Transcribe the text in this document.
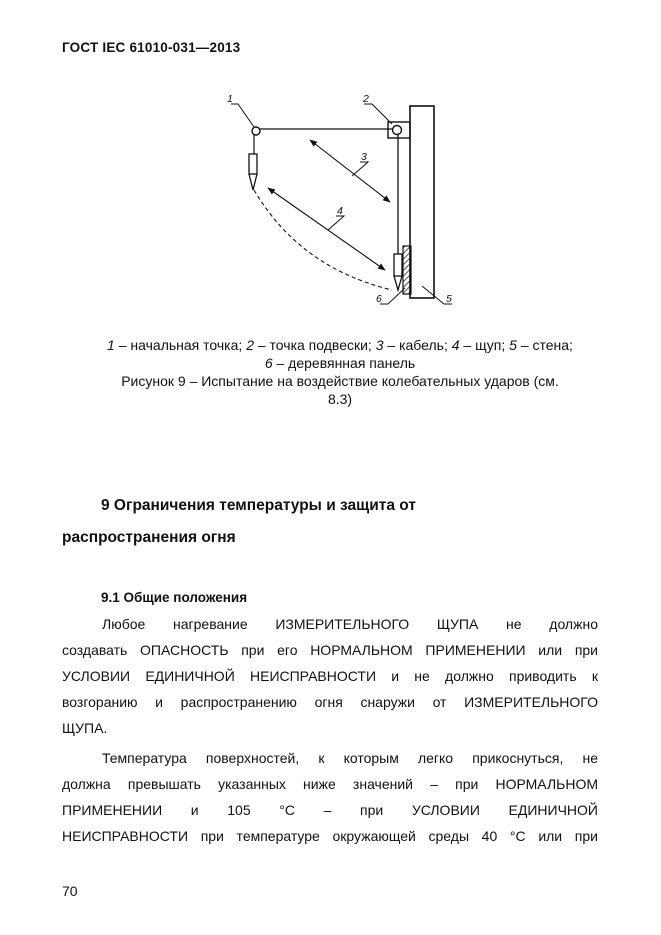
ГОСТ IEC 61010-031—2013
1	2
3
4
5
6
1 – начальная точка; 2 – точка подвески; 3 – кабель; 4 – щуп; 5 – стена;
6 – деревянная панель
Рисунок 9 – Испытание на воздействие колебательных ударов (см.
8.3)
9 Ограничения температуры и защита от
распространения огня
9.1 Общие положения
Любое нагревание ИЗМЕРИТЕЛЬНОГО ЩУПА не должно
создавать ОПАСНОСТЬ при его НОРМАЛЬНОМ ПРИМЕНЕНИИ или при
УСЛОВИИ ЕДИНИЧНОЙ НЕИСПРАВНОСТИ и не должно приводить к
возгоранию и распространению огня снаружи от ИЗМЕРИТЕЛЬНОГО
ЩУПА.
Температура поверхностей, к которым легко прикоснуться, не
должна превышать указанных ниже значений – при НОРМАЛЬНОМ
ПРИМЕНЕНИИ и 105 °С – при УСЛОВИИ ЕДИНИЧНОЙ
НЕИСПРАВНОСТИ при температуре окружающей среды 40 °С или при
70
